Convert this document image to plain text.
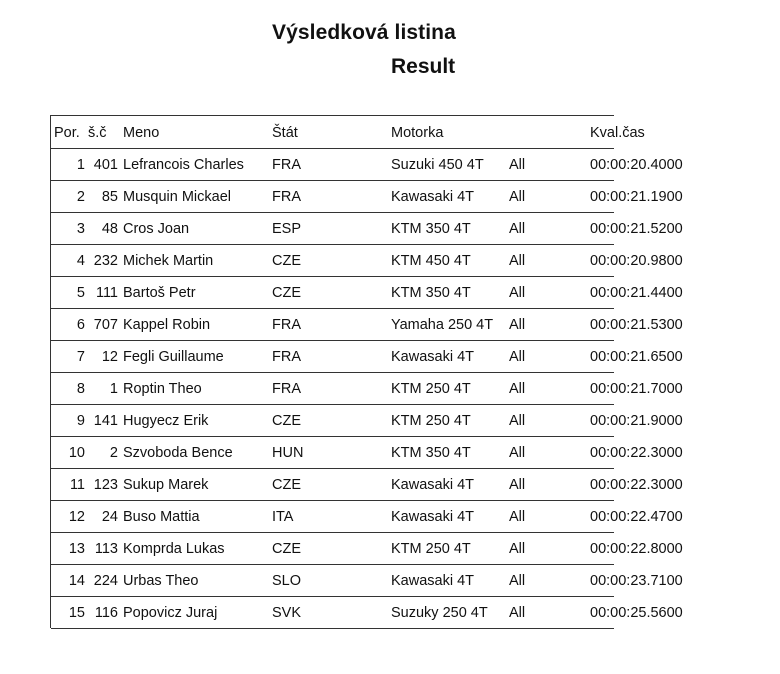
Výsledková listina
Result
Por. š.č Meno	Štát	Motorka	Kval.čas
1 401 Lefrancois Charles FRA	Suzuki 450 4T All	00:00:20.4000
2	85 Musquin Mickael	FRA	Kawasaki 4T All	00:00:21.1900
3	48 Cros Joan	ESP	KTM 350 4T	All	00:00:21.5200
4 232 Michek Martin	CZE	KTM 450 4T	All	00:00:20.9800
5 111 Bartoš Petr	CZE	KTM 350 4T	All	00:00:21.4400
6 707 Kappel Robin	FRA	Yamaha 250 4T All	00:00:21.5300
7	12 Fegli Guillaume	FRA	Kawasaki 4T All	00:00:21.6500
8	1 Roptin Theo	FRA	KTM 250 4T	All	00:00:21.7000
9 141 Hugyecz Erik	CZE	KTM 250 4T	All	00:00:21.9000
10	2 Szvoboda Bence	HUN	KTM 350 4T	All	00:00:22.3000
11 123 Sukup Marek	CZE	Kawasaki 4T All	00:00:22.3000
12	24 Buso Mattia	ITA	Kawasaki 4T All	00:00:22.4700
13 113 Komprda Lukas	CZE	KTM 250 4T	All	00:00:22.8000
14 224 Urbas Theo	SLO	Kawasaki 4T All	00:00:23.7100
15 116 Popovicz Juraj	SVK	Suzuky 250 4T All	00:00:25.5600
